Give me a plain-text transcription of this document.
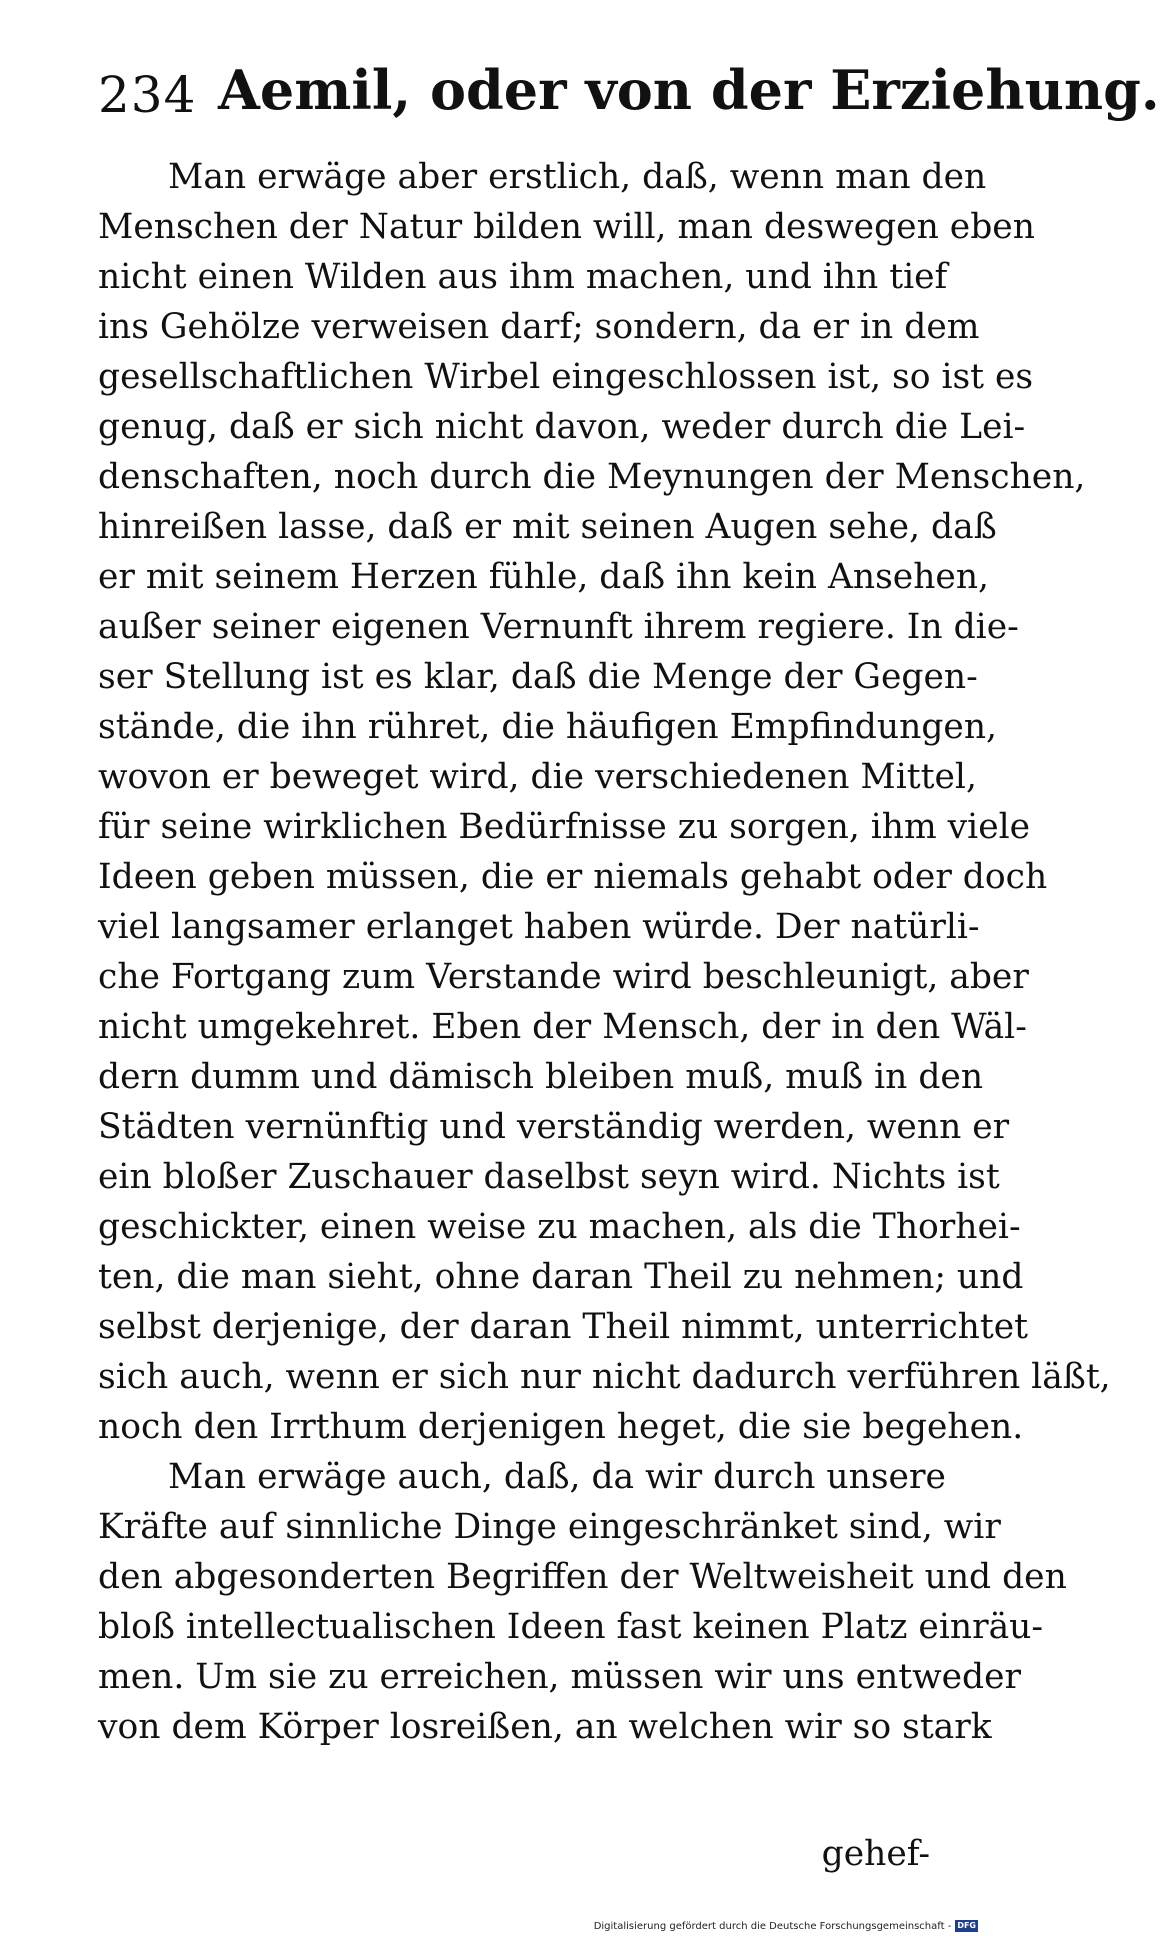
234 Aemil, oder von der Erziehung.
Man erwäge aber erstlich, daß, wenn man den
Menschen der Natur bilden will, man deswegen eben
nicht einen Wilden aus ihm machen, und ihn tief
ins Gehölze verweisen darf; sondern, da er in dem
gesellschaftlichen Wirbel eingeschlossen ist, so ist es
genug, daß er sich nicht davon, weder durch die Lei-
denschaften, noch durch die Meynungen der Menschen,
hinreißen lasse, daß er mit seinen Augen sehe, daß
er mit seinem Herzen fühle, daß ihn kein Ansehen,
außer seiner eigenen Vernunft ihrem regiere. In die-
ser Stellung ist es klar, daß die Menge der Gegen-
stände, die ihn rühret, die häufigen Empfindungen,
wovon er beweget wird, die verschiedenen Mittel,
für seine wirklichen Bedürfnisse zu sorgen, ihm viele
Ideen geben müssen, die er niemals gehabt oder doch
viel langsamer erlanget haben würde. Der natürli-
che Fortgang zum Verstande wird beschleunigt, aber
nicht umgekehret. Eben der Mensch, der in den Wäl-
dern dumm und dämisch bleiben muß, muß in den
Städten vernünftig und verständig werden, wenn er
ein bloßer Zuschauer daselbst seyn wird. Nichts ist
geschickter, einen weise zu machen, als die Thorhei-
ten, die man sieht, ohne daran Theil zu nehmen; und
selbst derjenige, der daran Theil nimmt, unterrichtet
sich auch, wenn er sich nur nicht dadurch verführen läßt,
noch den Irrthum derjenigen heget, die sie begehen.
Man erwäge auch, daß, da wir durch unsere
Kräfte auf sinnliche Dinge eingeschränket sind, wir
den abgesonderten Begriffen der Weltweisheit und den
bloß intellectualischen Ideen fast keinen Platz einräu-
men. Um sie zu erreichen, müssen wir uns entweder
von dem Körper losreißen, an welchen wir so stark
gehef-
Digitalisierung gefördert durch die Deutsche Forschungsgemeinschaft - DFG
